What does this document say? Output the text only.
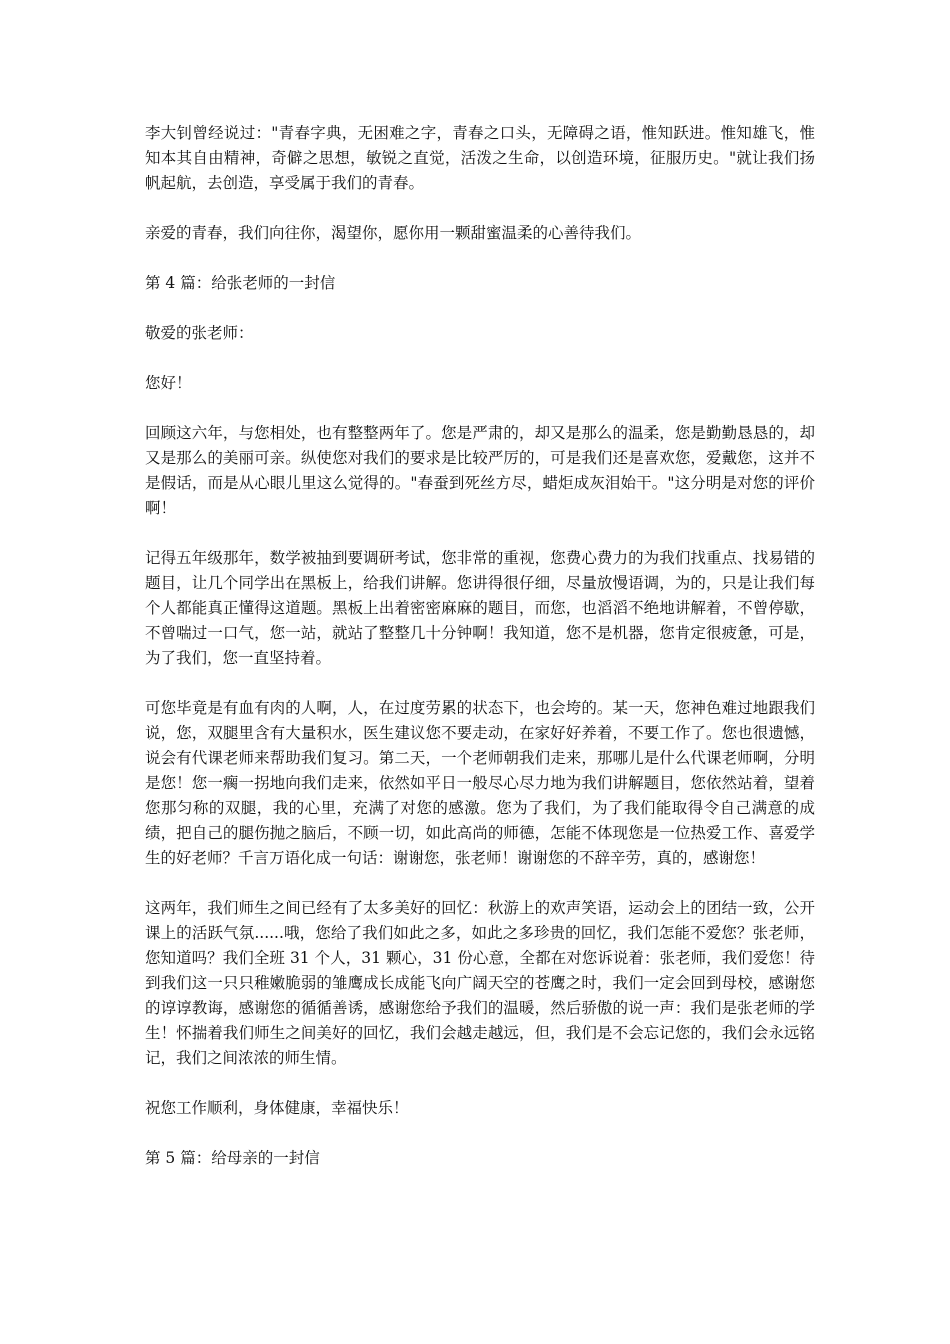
李大钊曾经说过："青春字典，无困难之字，青春之口头，无障碍之语，惟知跃进。惟知雄飞，惟知本其自由精神，奇僻之思想，敏锐之直觉，活泼之生命，以创造环境，征服历史。"就让我们扬帆起航，去创造，享受属于我们的青春。

亲爱的青春，我们向往你，渴望你，愿你用一颗甜蜜温柔的心善待我们。

第 4 篇：给张老师的一封信

敬爱的张老师：

您好！

回顾这六年，与您相处，也有整整两年了。您是严肃的，却又是那么的温柔，您是勤勤恳恳的，却又是那么的美丽可亲。纵使您对我们的要求是比较严厉的，可是我们还是喜欢您，爱戴您，这并不是假话，而是从心眼儿里这么觉得的。"春蚕到死丝方尽，蜡炬成灰泪始干。"这分明是对您的评价啊！

记得五年级那年，数学被抽到要调研考试，您非常的重视，您费心费力的为我们找重点、找易错的题目，让几个同学出在黑板上，给我们讲解。您讲得很仔细，尽量放慢语调，为的，只是让我们每个人都能真正懂得这道题。黑板上出着密密麻麻的题目，而您，也滔滔不绝地讲解着，不曾停歇，不曾喘过一口气，您一站，就站了整整几十分钟啊！我知道，您不是机器，您肯定很疲惫，可是，为了我们，您一直坚持着。

可您毕竟是有血有肉的人啊，人，在过度劳累的状态下，也会垮的。某一天，您神色难过地跟我们说，您，双腿里含有大量积水，医生建议您不要走动，在家好好养着，不要工作了。您也很遗憾，说会有代课老师来帮助我们复习。第二天，一个老师朝我们走来，那哪儿是什么代课老师啊，分明是您！您一瘸一拐地向我们走来，依然如平日一般尽心尽力地为我们讲解题目，您依然站着，望着您那匀称的双腿，我的心里，充满了对您的感激。您为了我们，为了我们能取得令自己满意的成绩，把自己的腿伤抛之脑后，不顾一切，如此高尚的师德，怎能不体现您是一位热爱工作、喜爱学生的好老师？千言万语化成一句话：谢谢您，张老师！谢谢您的不辞辛劳，真的，感谢您！

这两年，我们师生之间已经有了太多美好的回忆：秋游上的欢声笑语，运动会上的团结一致，公开课上的活跃气氛......哦，您给了我们如此之多，如此之多珍贵的回忆，我们怎能不爱您？张老师，您知道吗？我们全班 31 个人，31 颗心，31 份心意，全都在对您诉说着：张老师，我们爱您！待到我们这一只只稚嫩脆弱的雏鹰成长成能飞向广阔天空的苍鹰之时，我们一定会回到母校，感谢您的谆谆教诲，感谢您的循循善诱，感谢您给予我们的温暖，然后骄傲的说一声：我们是张老师的学生！怀揣着我们师生之间美好的回忆，我们会越走越远，但，我们是不会忘记您的，我们会永远铭记，我们之间浓浓的师生情。

祝您工作顺利，身体健康，幸福快乐！

第 5 篇：给母亲的一封信
